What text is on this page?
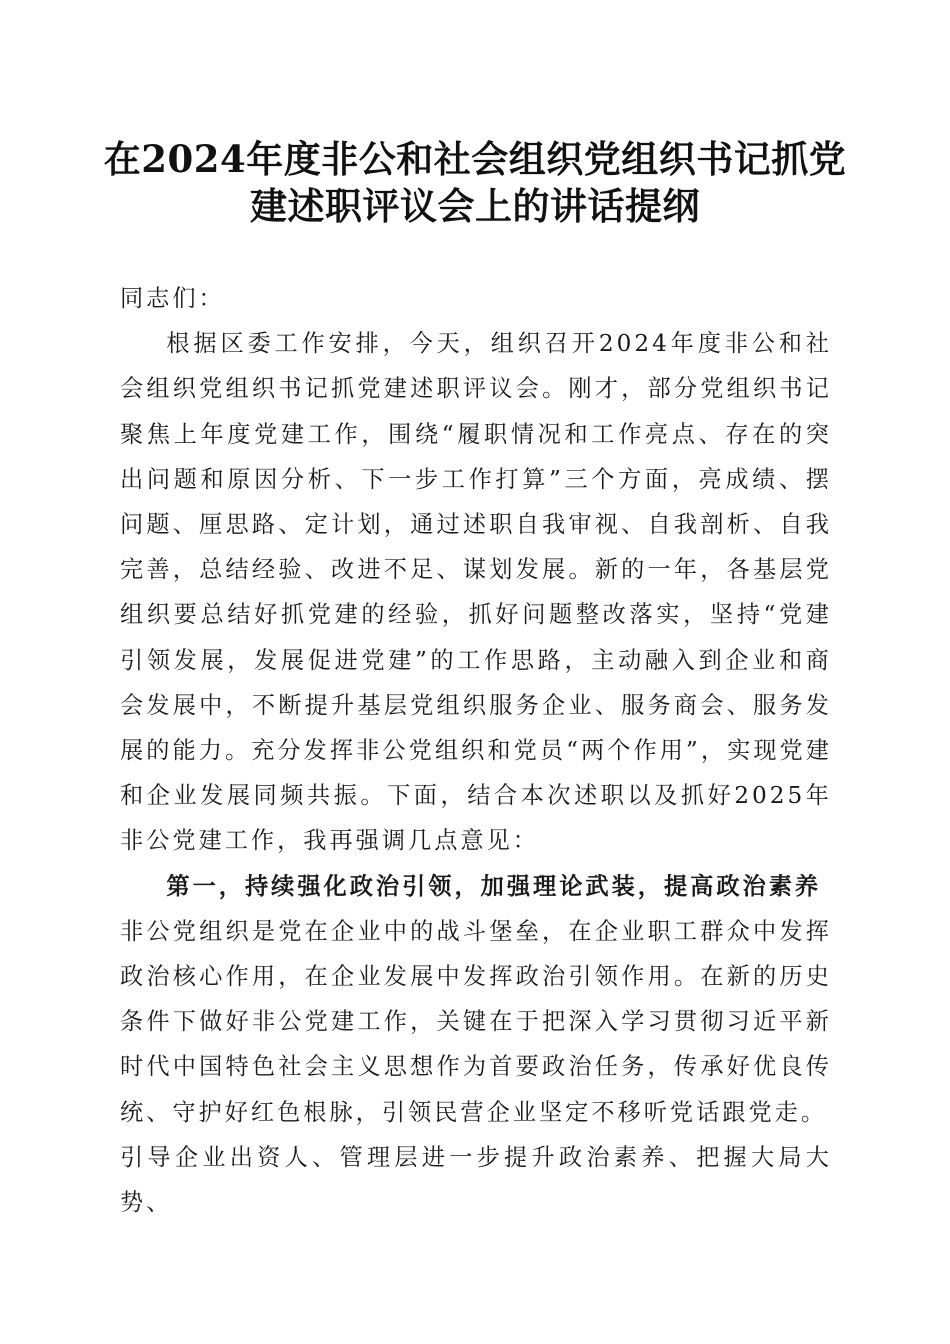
在2024年度非公和社会组织党组织书记抓党
建述职评议会上的讲话提纲

同志们：

根据区委工作安排，今天，组织召开2024年度非公和社会组织党组织书记抓党建述职评议会。刚才，部分党组织书记聚焦上年度党建工作，围绕“履职情况和工作亮点、存在的突出问题和原因分析、下一步工作打算”三个方面，亮成绩、摆问题、厘思路、定计划，通过述职自我审视、自我剖析、自我完善，总结经验、改进不足、谋划发展。新的一年，各基层党组织要总结好抓党建的经验，抓好问题整改落实，坚持“党建引领发展，发展促进党建”的工作思路，主动融入到企业和商会发展中，不断提升基层党组织服务企业、服务商会、服务发展的能力。充分发挥非公党组织和党员“两个作用”，实现党建和企业发展同频共振。下面，结合本次述职以及抓好2025年非公党建工作，我再强调几点意见：

第一，持续强化政治引领，加强理论武装，提高政治素养

非公党组织是党在企业中的战斗堡垒，在企业职工群众中发挥政治核心作用，在企业发展中发挥政治引领作用。在新的历史条件下做好非公党建工作，关键在于把深入学习贯彻习近平新时代中国特色社会主义思想作为首要政治任务，传承好优良传统、守护好红色根脉，引领民营企业坚定不移听党话跟党走。

引导企业出资人、管理层进一步提升政治素养、把握大局大势、
